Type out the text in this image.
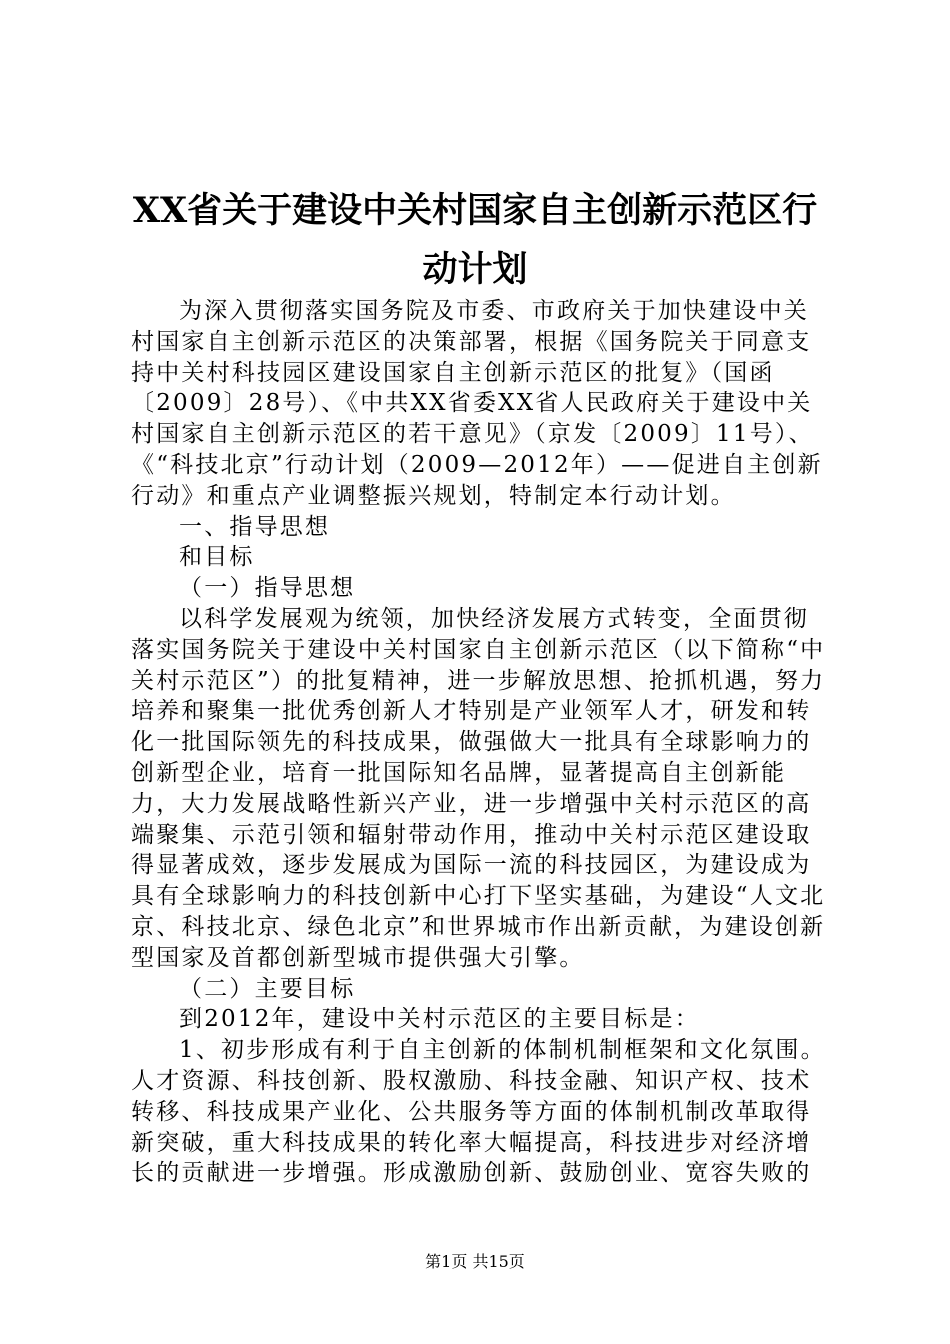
XX省关于建设中关村国家自主创新示范区行
动计划

为深入贯彻落实国务院及市委、市政府关于加快建设中关村国家自主创新示范区的决策部署，根据《国务院关于同意支持中关村科技园区建设国家自主创新示范区的批复》（国函〔2009〕28号）、《中共XX省委XX省人民政府关于建设中关村国家自主创新示范区的若干意见》（京发〔2009〕11号）、《“科技北京”行动计划（2009—2012年）——促进自主创新行动》和重点产业调整振兴规划，特制定本行动计划。

一、指导思想

和目标

（一）指导思想

以科学发展观为统领，加快经济发展方式转变，全面贯彻落实国务院关于建设中关村国家自主创新示范区（以下简称“中关村示范区”）的批复精神，进一步解放思想、抢抓机遇，努力培养和聚集一批优秀创新人才特别是产业领军人才，研发和转化一批国际领先的科技成果，做强做大一批具有全球影响力的创新型企业，培育一批国际知名品牌，显著提高自主创新能力，大力发展战略性新兴产业，进一步增强中关村示范区的高端聚集、示范引领和辐射带动作用，推动中关村示范区建设取得显著成效，逐步发展成为国际一流的科技园区，为建设成为具有全球影响力的科技创新中心打下坚实基础，为建设“人文北京、科技北京、绿色北京”和世界城市作出新贡献，为建设创新型国家及首都创新型城市提供强大引擎。

（二）主要目标

到2012年，建设中关村示范区的主要目标是：

1、初步形成有利于自主创新的体制机制框架和文化氛围。人才资源、科技创新、股权激励、科技金融、知识产权、技术转移、科技成果产业化、公共服务等方面的体制机制改革取得新突破，重大科技成果的转化率大幅提高，科技进步对经济增长的贡献进一步增强。形成激励创新、鼓励创业、宽容失败的

第1页 共15页
